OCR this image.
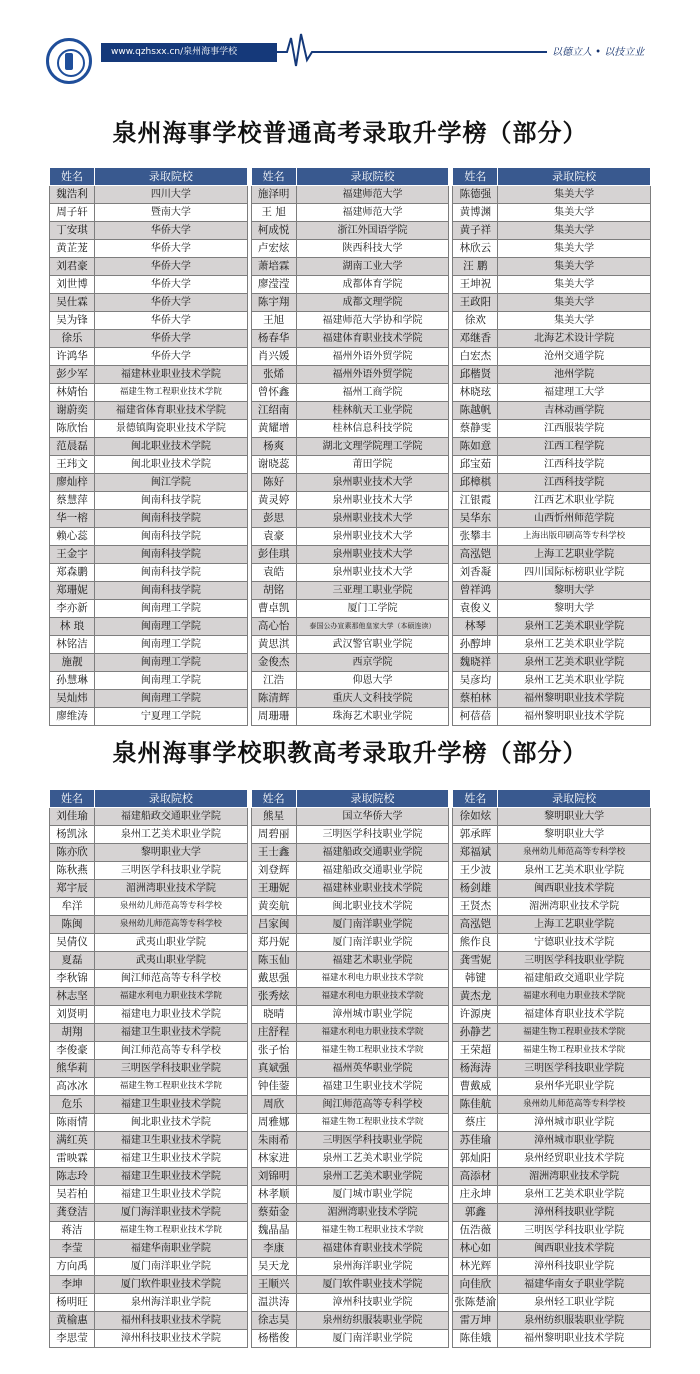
www.qzhsxx.cn/泉州海事学校	以德立人 • 以技立业
泉州海事学校普通高考录取升学榜（部分）
姓名	录取院校
魏浩利	四川大学
周子轩	暨南大学
丁安琪	华侨大学
黄芷茏	华侨大学
刘君豪	华侨大学
刘世博	华侨大学
吴仕霖	华侨大学
吴为锋	华侨大学
徐乐	华侨大学
许鸿华	华侨大学
彭少军	福建林业职业技术学院
林婧怡	福建生物工程职业技术学院
谢蔚奕	福建省体育职业技术学院
陈欣怡	景德镇陶瓷职业技术学院
范晨磊	闽北职业技术学院
王玮文	闽北职业技术学院
廖灿梓	闽江学院
蔡慧萍	闽南科技学院
华一榕	闽南科技学院
赖心蕊	闽南科技学院
王金宇	闽南科技学院
郑森鹏	闽南科技学院
郑珊妮	闽南科技学院
李亦新	闽南理工学院
林 琅	闽南理工学院
林铭洁	闽南理工学院
施靓	闽南理工学院
孙慧琳	闽南理工学院
吴灿炜	闽南理工学院
廖维涛	宁夏理工学院
姓名	录取院校
施泽明	福建师范大学
王 旭	福建师范大学
柯成悦	浙江外国语学院
卢宏炫	陕西科技大学
萧培霖	湖南工业大学
廖滢滢	成都体育学院
陈宇翔	成都文理学院
王旭	福建师范大学协和学院
杨春华	福建体育职业技术学院
肖兴媛	福州外语外贸学院
张烯	福州外语外贸学院
曾怀鑫	福州工商学院
江绍南	桂林航天工业学院
黄耀增	桂林信息科技学院
杨爽	湖北文理学院理工学院
谢晓蕊	莆田学院
陈好	泉州职业技术大学
黄灵婷	泉州职业技术大学
彭思	泉州职业技术大学
袁豪	泉州职业技术大学
彭佳琪	泉州职业技术大学
袁皓	泉州职业技术大学
胡铭	三亚理工职业学院
曹卓凯	厦门工学院
高心怡	泰国公办宣素那他皇家大学（本硕连读）
黄思淇	武汉警官职业学院
金俊杰	西京学院
江浩	仰恩大学
陈清辉	重庆人文科技学院
周珊珊	珠海艺术职业学院
姓名	录取院校
陈德强	集美大学
黄博渊	集美大学
黄子祥	集美大学
林欣云	集美大学
汪 鹏	集美大学
王坤祝	集美大学
王政阳	集美大学
徐欢	集美大学
邓继香	北海艺术设计学院
白宏杰	沧州交通学院
邱楷贤	池州学院
林晓玹	福建理工大学
陈越帆	吉林动画学院
蔡静雯	江西服装学院
陈如意	江西工程学院
邱宝茹	江西科技学院
邱樟棋	江西科技学院
江银霞	江西艺术职业学院
吴华东	山西忻州师范学院
张攀丰	上海出版印刷高等专科学校
高泓铠	上海工艺职业学院
刘香凝	四川国际标榜职业学院
曾祥鸿	黎明大学
袁俊义	黎明大学
林琴	泉州工艺美术职业学院
孙醇坤	泉州工艺美术职业学院
魏晓祥	泉州工艺美术职业学院
吴彦均	泉州工艺美术职业学院
蔡柏林	福州黎明职业技术学院
柯蓓蓓	福州黎明职业技术学院
泉州海事学校职教高考录取升学榜（部分）
姓名	录取院校
刘佳瑜	福建船政交通职业学院
杨凯泳	泉州工艺美术职业学院
陈亦欣	黎明职业大学
陈秋燕	三明医学科技职业学院
郑宇辰	湄洲湾职业技术学院
牟洋	泉州幼儿师范高等专科学校
陈闽	泉州幼儿师范高等专科学校
吴倩仪	武夷山职业学院
夏磊	武夷山职业学院
李秋锦	闽江师范高等专科学校
林志坚	福建水利电力职业技术学院
刘贤明	福建电力职业技术学院
胡翔	福建卫生职业技术学院
李俊豪	闽江师范高等专科学校
熊华莉	三明医学科技职业学院
高冰冰	福建生物工程职业技术学院
危乐	福建卫生职业技术学院
陈雨情	闽北职业技术学院
满红英	福建卫生职业技术学院
雷映霖	福建卫生职业技术学院
陈志玲	福建卫生职业技术学院
吴若柏	福建卫生职业技术学院
龚登洁	厦门海洋职业技术学院
蒋洁	福建生物工程职业技术学院
李莹	福建华南职业学院
方向禹	厦门南洋职业学院
李坤	厦门软件职业技术学院
杨明旺	泉州海洋职业学院
黄榆惠	福州科技职业技术学院
李思莹	漳州科技职业技术学院
姓名	录取院校
熊星	国立华侨大学
周碧丽	三明医学科技职业学院
王士鑫	福建船政交通职业学院
刘登辉	福建船政交通职业学院
王珊妮	福建林业职业技术学院
黄奕航	闽北职业技术学院
吕家闽	厦门南洋职业学院
郑丹妮	厦门南洋职业学院
陈玉仙	福建艺术职业学院
戴思强	福建水利电力职业技术学院
张秀炫	福建水利电力职业技术学院
晓晴	漳州城市职业学院
庄舒程	福建水利电力职业技术学院
张子怡	福建生物工程职业技术学院
真斌强	福州英华职业学院
钟佳蓥	福建卫生职业技术学院
周欣	闽江师范高等专科学校
周雅娜	福建生物工程职业技术学院
朱雨希	三明医学科技职业学院
林家进	泉州工艺美术职业学院
刘锦明	泉州工艺美术职业学院
林孝顺	厦门城市职业学院
蔡茹金	湄洲湾职业技术学院
魏晶晶	福建生物工程职业技术学院
李康	福建体育职业技术学院
吴天龙	泉州海洋职业学院
王顺兴	厦门软件职业技术学院
温洪涛	漳州科技职业学院
徐志昊	泉州纺织服装职业学院
杨楷俊	厦门南洋职业学院
姓名	录取院校
徐如炫	黎明职业大学
郭承晖	黎明职业大学
郑福斌	泉州幼儿师范高等专科学校
王少波	泉州工艺美术职业学院
杨剑雄	闽西职业技术学院
王贤杰	湄洲湾职业技术学院
高泓铠	上海工艺职业学院
熊作良	宁德职业技术学院
龚雪妮	三明医学科技职业学院
韩键	福建船政交通职业学院
黄杰龙	福建水利电力职业技术学院
许源庚	福建体育职业技术学院
孙静艺	福建生物工程职业技术学院
王荣超	福建生物工程职业技术学院
杨海涛	三明医学科技职业学院
曹戴威	泉州华光职业学院
陈佳航	泉州幼儿师范高等专科学校
蔡庄	漳州城市职业学院
苏佳瑜	漳州城市职业学院
郭灿阳	泉州经贸职业技术学院
高添材	湄洲湾职业技术学院
庄永坤	泉州工艺美术职业学院
郭鑫	漳州科技职业学院
伍浩薇	三明医学科技职业学院
林心如	闽西职业技术学院
林光辉	漳州科技职业学院
向佳欣	福建华南女子职业学院
张陈楚渝	泉州轻工职业学院
雷万坤	泉州纺织服装职业学院
陈佳娥	福州黎明职业技术学院
